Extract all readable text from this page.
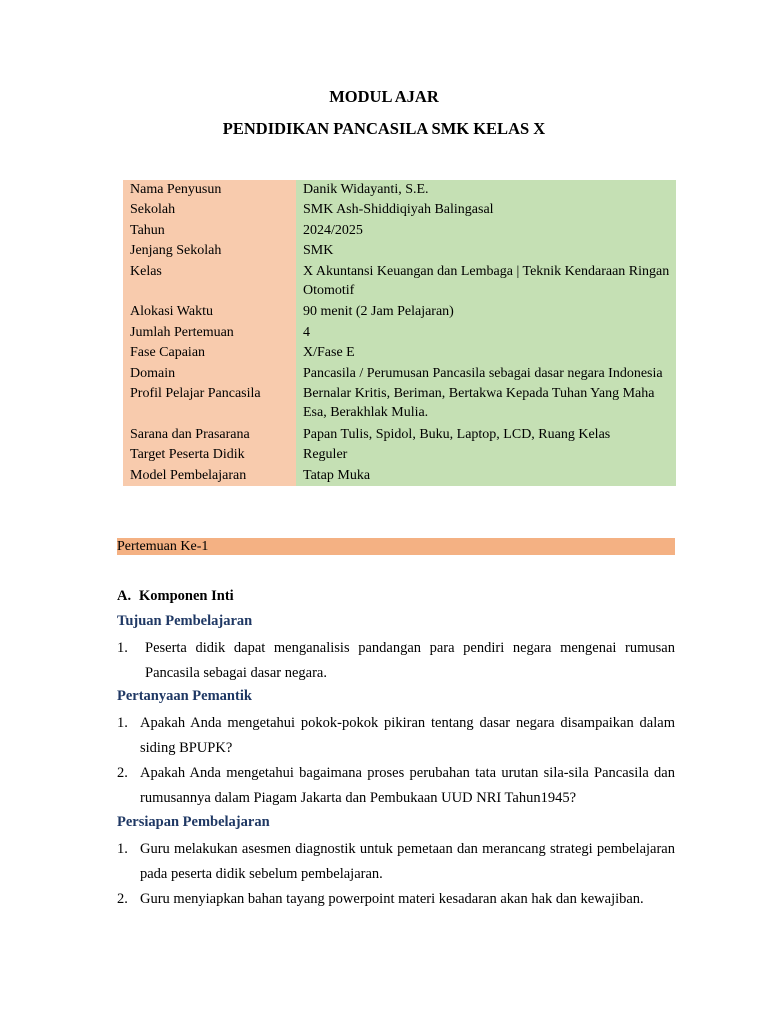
MODUL AJAR
PENDIDIKAN PANCASILA SMK KELAS X
Nama Penyusun	Danik Widayanti, S.E.
Sekolah	SMK Ash-Shiddiqiyah Balingasal
Tahun	2024/2025
Jenjang Sekolah	SMK
Kelas	X Akuntansi Keuangan dan Lembaga | Teknik Kendaraan Ringan Otomotif
Alokasi Waktu	90 menit (2 Jam Pelajaran)
Jumlah Pertemuan	4
Fase Capaian	X/Fase E
Domain	Pancasila / Perumusan Pancasila sebagai dasar negara Indonesia
Profil Pelajar Pancasila	Bernalar Kritis, Beriman, Bertakwa Kepada Tuhan Yang Maha Esa, Berakhlak Mulia.
Sarana dan Prasarana	Papan Tulis, Spidol, Buku, Laptop, LCD, Ruang Kelas
Target Peserta Didik	Reguler
Model Pembelajaran	Tatap Muka
Pertemuan Ke-1
A. Komponen Inti
Tujuan Pembelajaran
1. Peserta didik dapat menganalisis pandangan para pendiri negara mengenai rumusan Pancasila sebagai dasar negara.
Pertanyaan Pemantik
1. Apakah Anda mengetahui pokok-pokok pikiran tentang dasar negara disampaikan dalam siding BPUPK?
2. Apakah Anda mengetahui bagaimana proses perubahan tata urutan sila-sila Pancasila dan rumusannya dalam Piagam Jakarta dan Pembukaan UUD NRI Tahun1945?
Persiapan Pembelajaran
1. Guru melakukan asesmen diagnostik untuk pemetaan dan merancang strategi pembelajaran pada peserta didik sebelum pembelajaran.
2. Guru menyiapkan bahan tayang powerpoint materi kesadaran akan hak dan kewajiban.
